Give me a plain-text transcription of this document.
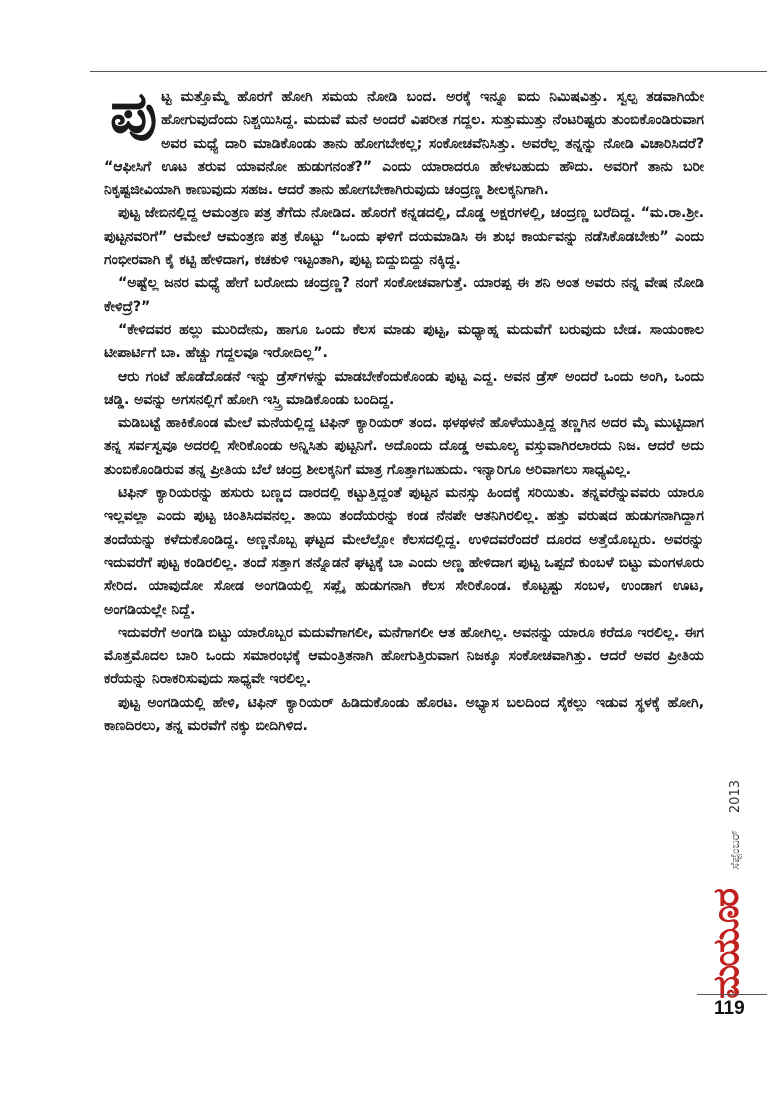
ಪುಟ್ಟ ಮತ್ತೊಮ್ಮೆ ಹೊರಗೆ ಹೋಗಿ ಸಮಯ ನೋಡಿ ಬಂದ. ಅರಕ್ಕೆ ಇನ್ನೂ ಐದು ನಿಮಿಷವಿತ್ತು. ಸ್ವಲ್ಪ ತಡವಾಗಿಯೇ ಹೋಗುವುದೆಂದು ನಿಶ್ಚಯಿಸಿದ್ದ. ಮದುವೆ ಮನೆ ಅಂದರೆ ವಿಪರೀತ ಗದ್ದಲ. ಸುತ್ತುಮುತ್ತು ನೆಂಟರಿಷ್ಟರು ತುಂಬಿಕೊಂಡಿರುವಾಗ ಅವರ ಮಧ್ಯೆ ದಾರಿ ಮಾಡಿಕೊಂಡು ತಾನು ಹೋಗಬೇಕಲ್ಲ; ಸಂಕೋಚವೆನಿಸಿತ್ತು. ಅವರೆಲ್ಲ ತನ್ನನ್ನು ನೋಡಿ ವಿಚಾರಿಸಿದರೆ? “ಆಫೀಸಿಗೆ ಊಟ ತರುವ ಯಾವನೋ ಹುಡುಗನಂತೆ?” ಎಂದು ಯಾರಾದರೂ ಹೇಳಬಹುದು ಹೌದು. ಅವರಿಗೆ ತಾನು ಬರೀ ನಿಕೃಷ್ಟಜೀವಿಯಾಗಿ ಕಾಣುವುದು ಸಹಜ. ಆದರೆ ತಾನು ಹೋಗಬೇಕಾಗಿರುವುದು ಚಂದ್ರಣ್ಣ ಶೀಲಕ್ಕನಿಗಾಗಿ.

ಪುಟ್ಟ ಜೇಬಿನಲ್ಲಿದ್ದ ಆಮಂತ್ರಣ ಪತ್ರ ತೆಗೆದು ನೋಡಿದ. ಹೊರಗೆ ಕನ್ನಡದಲ್ಲಿ, ದೊಡ್ಡ ಅಕ್ಷರಗಳಲ್ಲಿ, ಚಂದ್ರಣ್ಣ ಬರೆದಿದ್ದ. “ಮ.ರಾ.ಶ್ರೀ. ಪುಟ್ಟನವರಿಗೆ” ಆಮೇಲೆ ಆಮಂತ್ರಣ ಪತ್ರ ಕೊಟ್ಟು “ಒಂದು ಘಳಿಗೆ ದಯಮಾಡಿಸಿ ಈ ಶುಭ ಕಾರ್ಯವನ್ನು ನಡೆಸಿಕೊಡಬೇಕು” ಎಂದು ಗಂಭೀರವಾಗಿ ಕೈ ಕಟ್ಟಿ ಹೇಳಿದಾಗ, ಕಚಕುಳಿ ಇಟ್ಟಂತಾಗಿ, ಪುಟ್ಟ ಬಿದ್ದುಬಿದ್ದು ನಕ್ಕಿದ್ದ.

“ಅಷ್ಟೆಲ್ಲ ಜನರ ಮಧ್ಯೆ ಹೇಗೆ ಬರೋದು ಚಂದ್ರಣ್ಣ? ನಂಗೆ ಸಂಕೋಚವಾಗುತ್ತೆ. ಯಾರಪ್ಪ ಈ ಶನಿ ಅಂತ ಅವರು ನನ್ನ ವೇಷ ನೋಡಿ ಕೇಳಿದ್ರೆ?”

“ಕೇಳಿದವರ ಹಲ್ಲು ಮುರಿದೇನು, ಹಾಗೂ ಒಂದು ಕೆಲಸ ಮಾಡು ಪುಟ್ಟ, ಮಧ್ಯಾಹ್ನ ಮದುವೆಗೆ ಬರುವುದು ಬೇಡ. ಸಾಯಂಕಾಲ ಟೀಪಾರ್ಟಿಗೆ ಬಾ. ಹೆಚ್ಚು ಗದ್ದಲವೂ ಇರೋದಿಲ್ಲ”.

ಆರು ಗಂಟೆ ಹೊಡೆದೊಡನೆ ಇನ್ನು ಡ್ರೆಸ್‌ಗಳನ್ನು ಮಾಡಬೇಕೆಂದುಕೊಂಡು ಪುಟ್ಟ ಎದ್ದ. ಅವನ ಡ್ರೆಸ್ ಅಂದರೆ ಒಂದು ಅಂಗಿ, ಒಂದು ಚಡ್ಡಿ. ಅವನ್ನು ಅಗಸನಲ್ಲಿಗೆ ಹೋಗಿ ಇಸ್ತ್ರಿ ಮಾಡಿಕೊಂಡು ಬಂದಿದ್ದ.

ಮಡಿಬಟ್ಟೆ ಹಾಕಿಕೊಂಡ ಮೇಲೆ ಮನೆಯಲ್ಲಿದ್ದ ಟಿಫಿನ್ ಕ್ಯಾರಿಯರ್ ತಂದ. ಥಳಥಳನೆ ಹೊಳೆಯುತ್ತಿದ್ದ ತಣ್ಣಗಿನ ಅದರ ಮೈ ಮುಟ್ಟಿದಾಗ ತನ್ನ ಸರ್ವಸ್ವವೂ ಅದರಲ್ಲಿ ಸೇರಿಕೊಂಡು ಅನ್ನಿಸಿತು ಪುಟ್ಟನಿಗೆ. ಅದೊಂದು ದೊಡ್ಡ ಅಮೂಲ್ಯ ವಸ್ತುವಾಗಿರಲಾರದು ನಿಜ. ಆದರೆ ಅದು ತುಂಬಿಕೊಂಡಿರುವ ತನ್ನ ಪ್ರೀತಿಯ ಬೆಲೆ ಚಂದ್ರ ಶೀಲಕ್ಕನಿಗೆ ಮಾತ್ರ ಗೊತ್ತಾಗಬಹುದು. ಇನ್ಯಾರಿಗೂ ಅರಿವಾಗಲು ಸಾಧ್ಯವಿಲ್ಲ.

ಟಿಫಿನ್ ಕ್ಯಾರಿಯರನ್ನು ಹಸುರು ಬಣ್ಣದ ದಾರದಲ್ಲಿ ಕಟ್ಟುತ್ತಿದ್ದಂತೆ ಪುಟ್ಟನ ಮನಸ್ಸು ಹಿಂದಕ್ಕೆ ಸರಿಯಿತು. ತನ್ನವರೆನ್ನುವವರು ಯಾರೂ ಇಲ್ಲವಲ್ಲಾ ಎಂದು ಪುಟ್ಟ ಚಿಂತಿಸಿದವನಲ್ಲ. ತಾಯಿ ತಂದೆಯರನ್ನು ಕಂಡ ನೆನಪೇ ಆತನಿಗಿರಲಿಲ್ಲ. ಹತ್ತು ವರುಷದ ಹುಡುಗನಾಗಿದ್ದಾಗ ತಂದೆಯನ್ನು ಕಳೆದುಕೊಂಡಿದ್ದ. ಅಣ್ಣನೊಬ್ಬ ಘಟ್ಟದ ಮೇಲೆಲ್ಲೋ ಕೆಲಸದಲ್ಲಿದ್ದ. ಉಳಿದವರೆಂದರೆ ದೂರದ ಅತ್ತೆಯೊಬ್ಬರು. ಅವರನ್ನು ಇದುವರೆಗೆ ಪುಟ್ಟ ಕಂಡಿರಲಿಲ್ಲ. ತಂದೆ ಸತ್ತಾಗ ತನ್ನೊಡನೆ ಘಟ್ಟಕ್ಕೆ ಬಾ ಎಂದು ಅಣ್ಣ ಹೇಳಿದಾಗ ಪುಟ್ಟ ಒಪ್ಪದೆ ಕುಂಬಳೆ ಬಿಟ್ಟು ಮಂಗಳೂರು ಸೇರಿದ. ಯಾವುದೋ ಸೋಡ ಅಂಗಡಿಯಲ್ಲಿ ಸಪ್ಲೈ ಹುಡುಗನಾಗಿ ಕೆಲಸ ಸೇರಿಕೊಂಡ. ಕೊಟ್ಟಷ್ಟು ಸಂಬಳ, ಉಂಡಾಗ ಊಟ, ಅಂಗಡಿಯಲ್ಲೇ ನಿದ್ದೆ.

ಇದುವರೆಗೆ ಅಂಗಡಿ ಬಿಟ್ಟು ಯಾರೊಬ್ಬರ ಮದುವೆಗಾಗಲೀ, ಮನೆಗಾಗಲೀ ಆತ ಹೋಗಿಲ್ಲ. ಅವನನ್ನು ಯಾರೂ ಕರೆದೂ ಇರಲಿಲ್ಲ. ಈಗ ಮೊತ್ತಮೊದಲ ಬಾರಿ ಒಂದು ಸಮಾರಂಭಕ್ಕೆ ಆಮಂತ್ರಿತನಾಗಿ ಹೋಗುತ್ತಿರುವಾಗ ನಿಜಕ್ಕೂ ಸಂಕೋಚವಾಗಿತ್ತು. ಆದರೆ ಅವರ ಪ್ರೀತಿಯ ಕರೆಯನ್ನು ನಿರಾಕರಿಸುವುದು ಸಾಧ್ಯವೇ ಇರಲಿಲ್ಲ.

ಪುಟ್ಟ ಅಂಗಡಿಯಲ್ಲಿ ಹೇಳಿ, ಟಿಫಿನ್ ಕ್ಯಾರಿಯರ್ ಹಿಡಿದುಕೊಂಡು ಹೊರಟ. ಅಭ್ಯಾಸ ಬಲದಿಂದ ಸೈಕಲ್ಲು ಇಡುವ ಸ್ಥಳಕ್ಕೆ ಹೋಗಿ, ಕಾಣದಿರಲು, ತನ್ನ ಮರವೆಗೆ ನಕ್ಕು ಬೀದಿಗಿಳಿದ.

2013
ಸೆಪ್ಟೆಂಬರ್
ಮಯೂರ
119
